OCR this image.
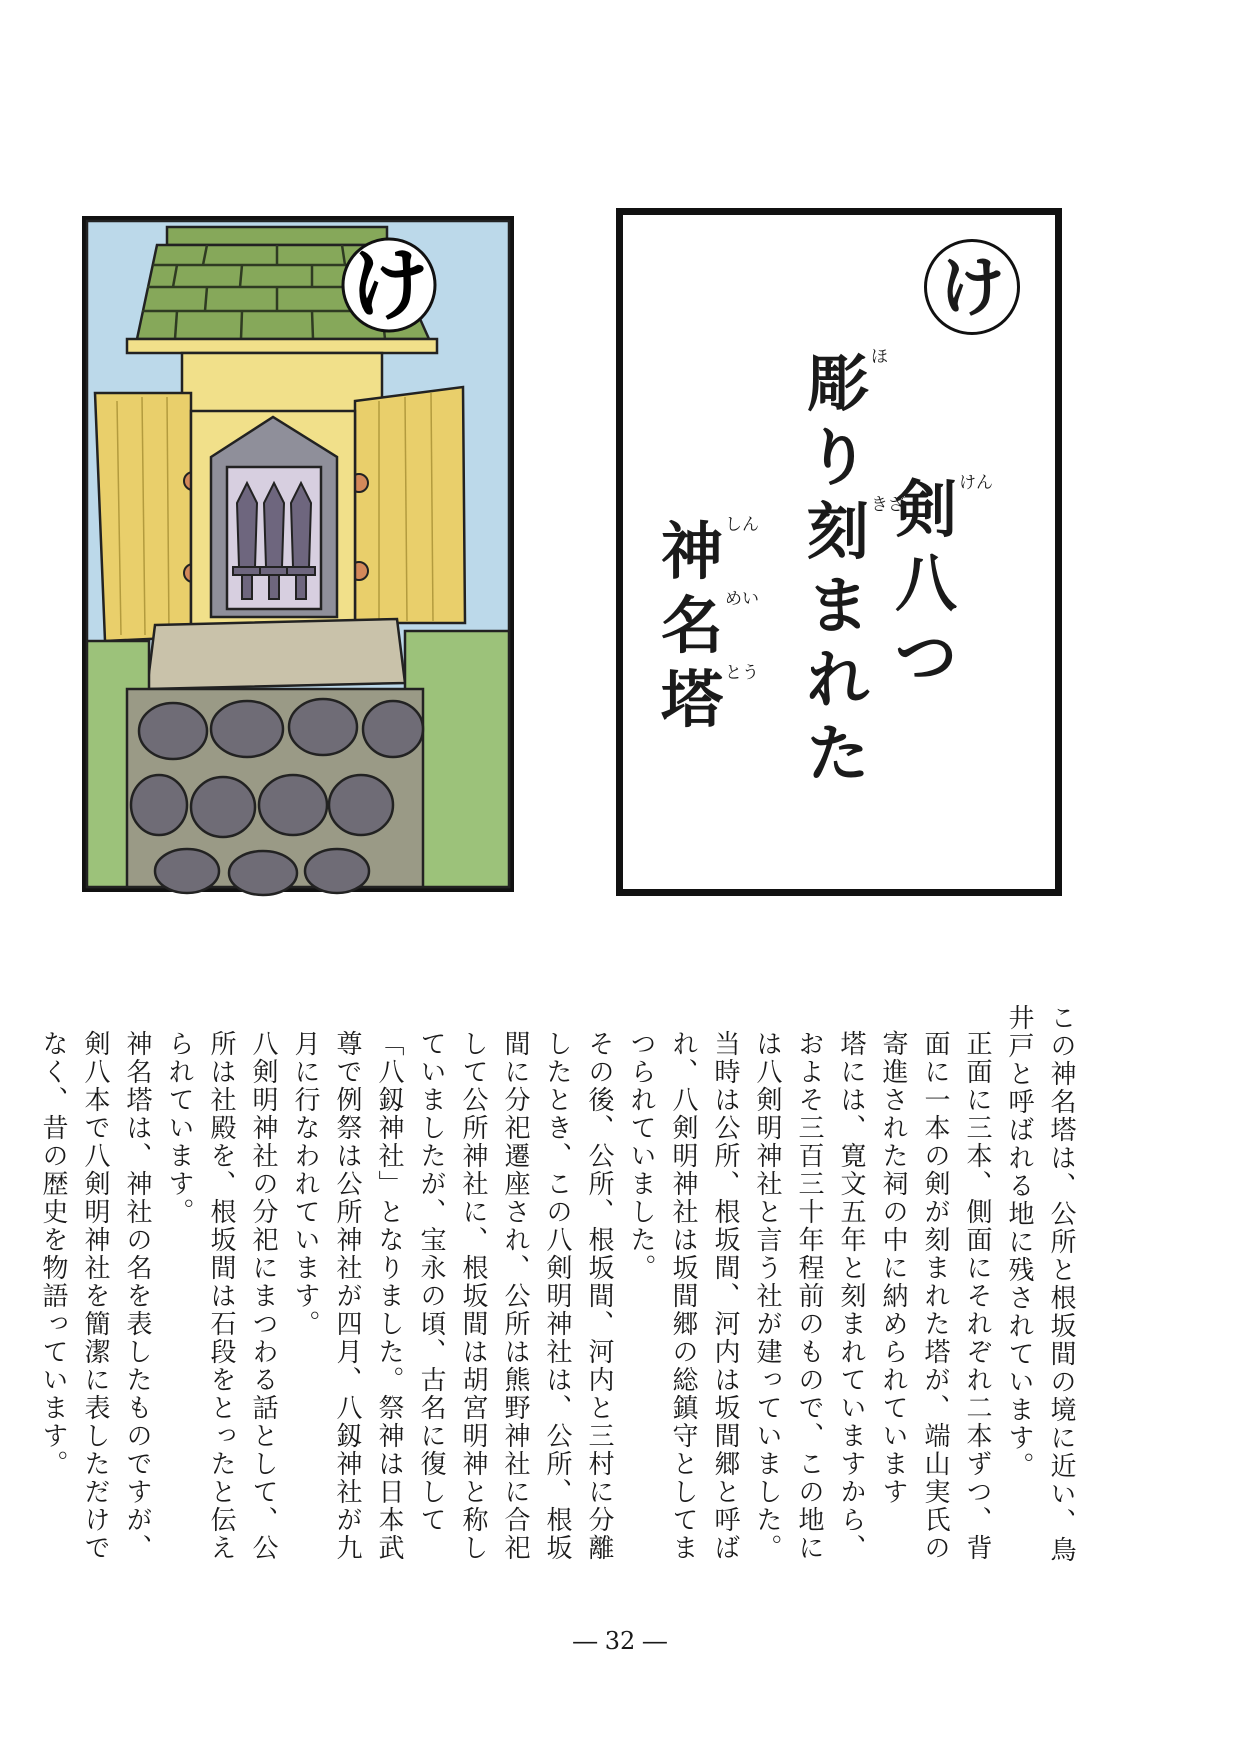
け	け
剣 けん
八
つ
彫 ほ
り
刻 きざ
ま
れ
た
神 しん
名 めい
塔 とう

この神名塔は、公所と根坂間の境に近い、鳥井戸と呼ばれる地に残されています。

正面に三本、側面にそれぞれ二本ずつ、背面に一本の剣が刻まれた塔が、端山実氏の寄進された祠の中に納められています

塔には、寛文五年と刻まれていますから、およそ三百三十年程前のもので、この地には八剣明神社と言う社が建っていました。当時は公所、根坂間、河内は坂間郷と呼ばれ、八剣明神社は坂間郷の総鎮守としてまつられていました。

その後、公所、根坂間、河内と三村に分離したとき、この八剣明神社は、公所、根坂間に分祀遷座され、公所は熊野神社に合祀して公所神社に、根坂間は胡宮明神と称していましたが、宝永の頃、古名に復して「八釼神社」となりました。祭神は日本武尊で例祭は公所神社が四月、八釼神社が九月に行なわれています。

八剣明神社の分祀にまつわる話として、公所は社殿を、根坂間は石段をとったと伝えられています。

神名塔は、神社の名を表したものですが、剣八本で八剣明神社を簡潔に表しただけでなく、昔の歴史を物語っています。

― 32 ―
